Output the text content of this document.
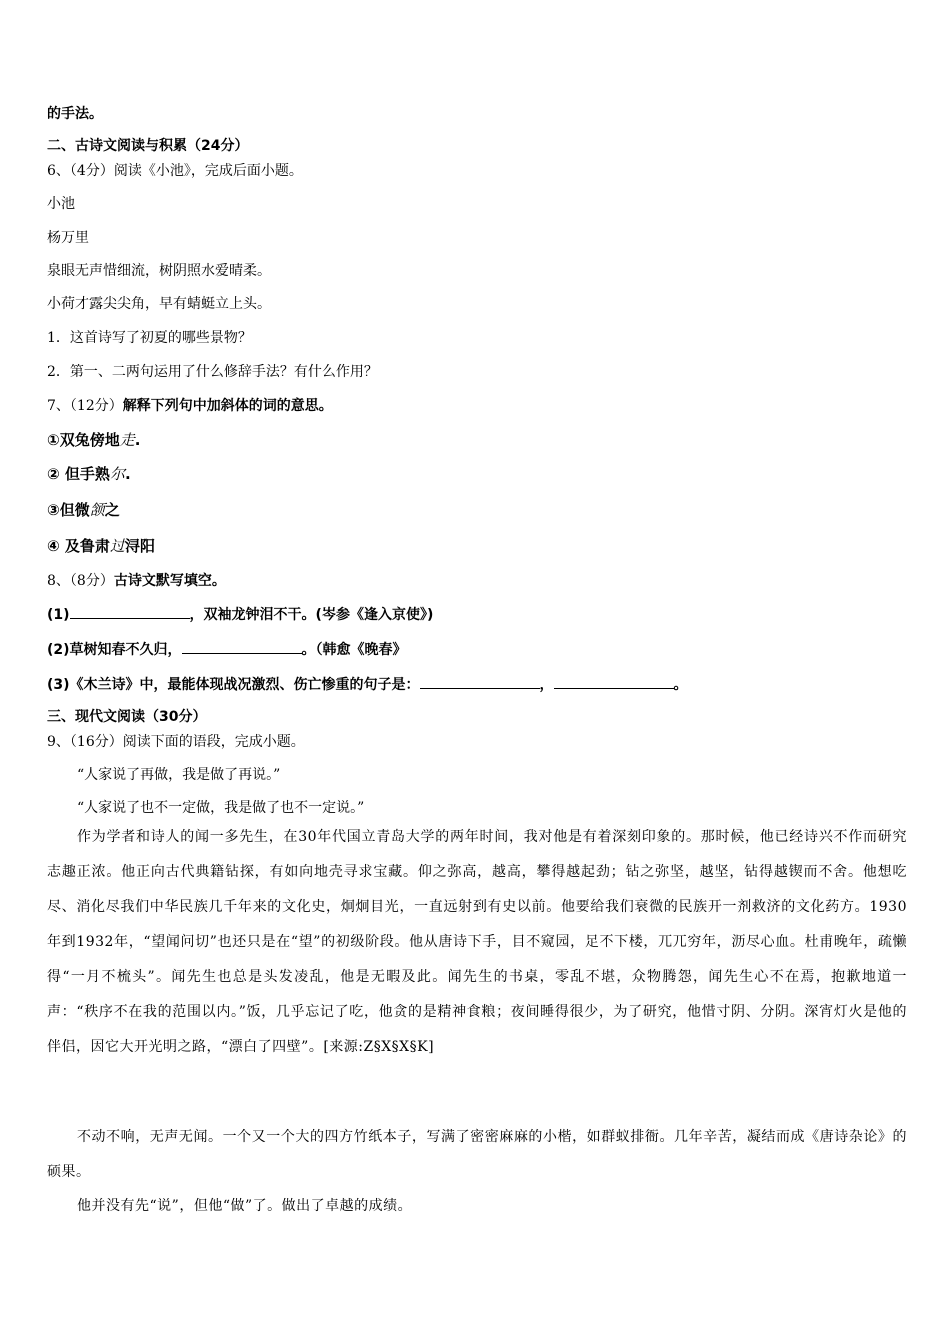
的手法。
二、古诗文阅读与积累（24分）
6、（4分）阅读《小池》，完成后面小题。
小池
杨万里
泉眼无声惜细流，树阴照水爱晴柔。
小荷才露尖尖角，早有蜻蜓立上头。
1．这首诗写了初夏的哪些景物？
2．第一、二两句运用了什么修辞手法？有什么作用？
7、（12分）解释下列句中加斜体的词的意思。
①双兔傍地走.
② 但手熟尔.
③但微颔之
④ 及鲁肃过浔阳
8、（8分）古诗文默写填空。
(1)	，双袖龙钟泪不干。(岑参《逢入京使》)
(2)草树知春不久归，	。（韩愈《晚春》
(3)《木兰诗》中，最能体现战况激烈、伤亡惨重的句子是：	，	。
三、现代文阅读（30分）
9、（16分）阅读下面的语段，完成小题。
“人家说了再做，我是做了再说。”
“人家说了也不一定做，我是做了也不一定说。”
作为学者和诗人的闻一多先生，在30年代国立青岛大学的两年时间，我对他是有着深刻印象的。那时候，他已经诗兴不作而研究志趣正浓。他正向古代典籍钻探，有如向地壳寻求宝藏。仰之弥高，越高，攀得越起劲；钻之弥坚，越坚，钻得越锲而不舍。他想吃尽、消化尽我们中华民族几千年来的文化史，炯炯目光，一直远射到有史以前。他要给我们衰微的民族开一剂救济的文化药方。1930年到1932年，“望闻问切”也还只是在“望”的初级阶段。他从唐诗下手，目不窥园，足不下楼，兀兀穷年，沥尽心血。杜甫晚年，疏懒得“一月不梳头”。闻先生也总是头发凌乱，他是无暇及此。闻先生的书桌，零乱不堪，众物腾怨，闻先生心不在焉，抱歉地道一声：“秩序不在我的范围以内。”饭，几乎忘记了吃，他贪的是精神食粮；夜间睡得很少，为了研究，他惜寸阴、分阴。深宵灯火是他的伴侣，因它大开光明之路，“漂白了四壁”。[来源:Z§X§X§K]
不动不响，无声无闻。一个又一个大的四方竹纸本子，写满了密密麻麻的小楷，如群蚁排衙。几年辛苦，凝结而成《唐诗杂论》的硕果。
他并没有先“说”，但他“做”了。做出了卓越的成绩。
